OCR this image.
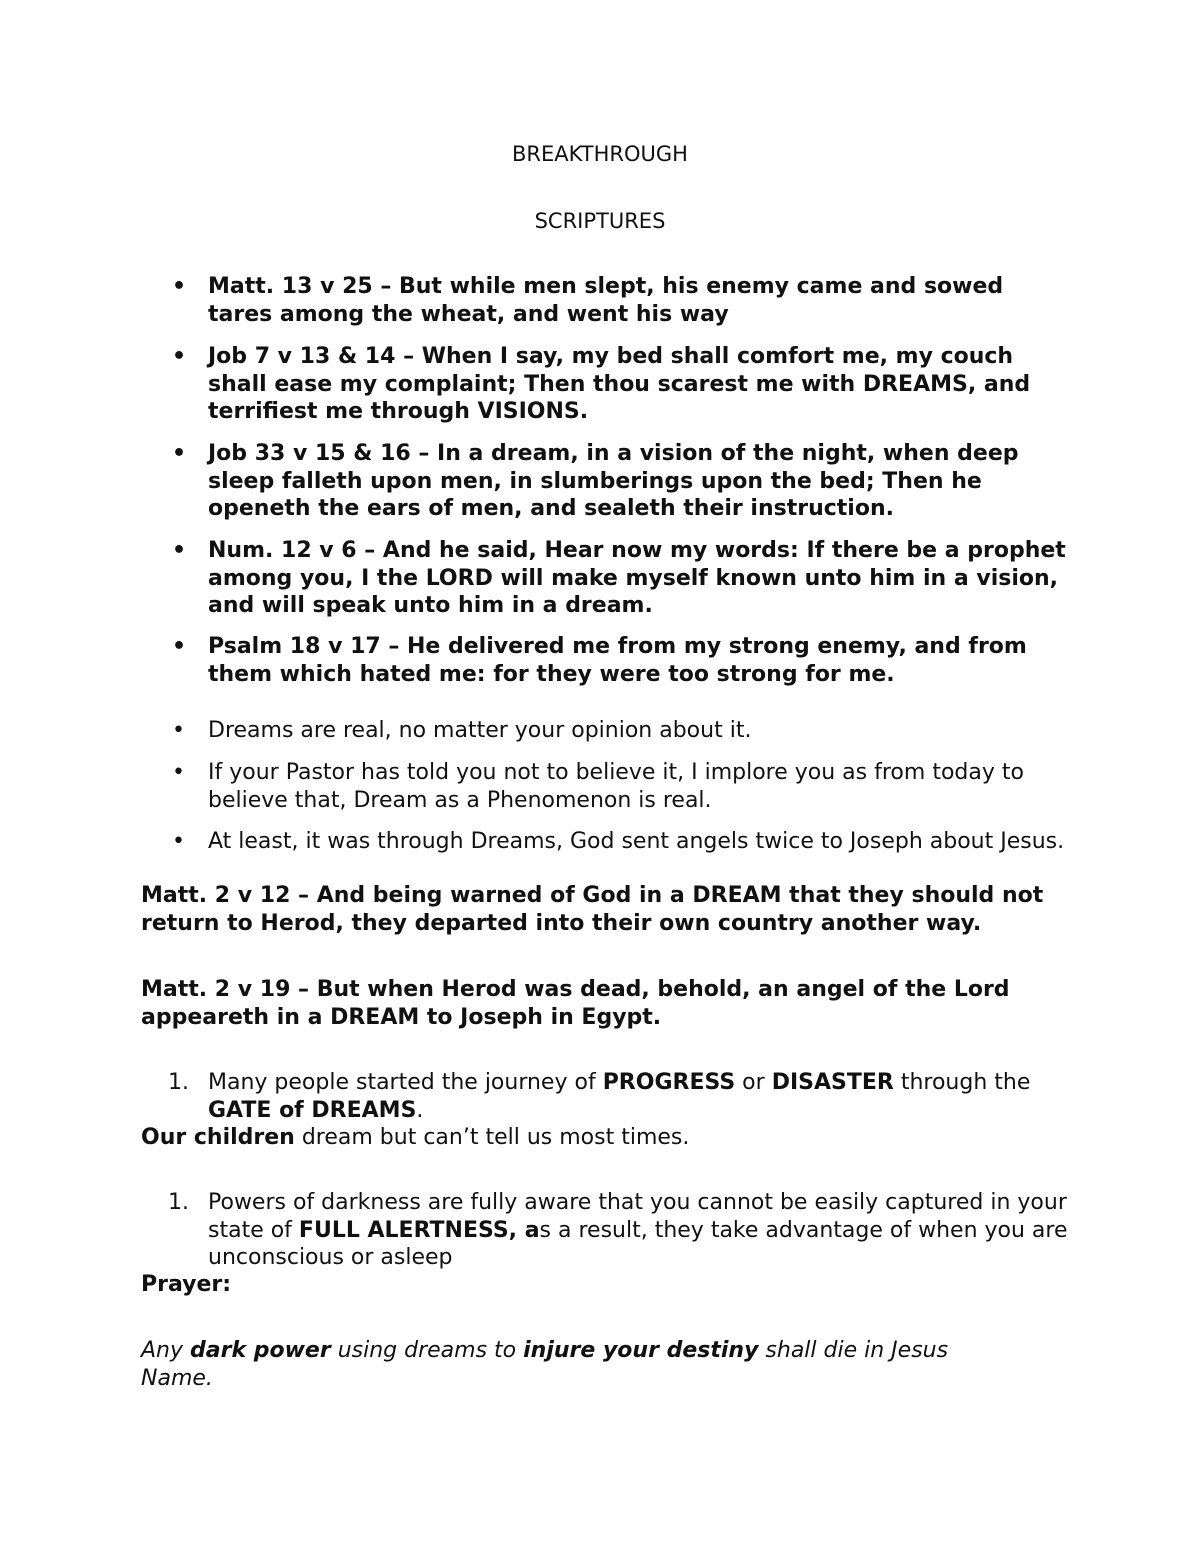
BREAKTHROUGH
SCRIPTURES
• Matt. 13 v 25 – But while men slept, his enemy came and sowed tares among the wheat, and went his way
• Job 7 v 13 & 14 – When I say, my bed shall comfort me, my couch shall ease my complaint; Then thou scarest me with DREAMS, and terrifiest me through VISIONS.
• Job 33 v 15 & 16 – In a dream, in a vision of the night, when deep sleep falleth upon men, in slumberings upon the bed; Then he openeth the ears of men, and sealeth their instruction.
• Num. 12 v 6 – And he said, Hear now my words: If there be a prophet among you, I the LORD will make myself known unto him in a vision, and will speak unto him in a dream.
• Psalm 18 v 17 – He delivered me from my strong enemy, and from them which hated me: for they were too strong for me.
• Dreams are real, no matter your opinion about it.
• If your Pastor has told you not to believe it, I implore you as from today to believe that, Dream as a Phenomenon is real.
• At least, it was through Dreams, God sent angels twice to Joseph about Jesus.
Matt. 2 v 12 – And being warned of God in a DREAM that they should not return to Herod, they departed into their own country another way.
Matt. 2 v 19 – But when Herod was dead, behold, an angel of the Lord appeareth in a DREAM to Joseph in Egypt.
1. Many people started the journey of PROGRESS or DISASTER through the GATE of DREAMS.
Our children dream but can’t tell us most times.
1. Powers of darkness are fully aware that you cannot be easily captured in your state of FULL ALERTNESS, as a result, they take advantage of when you are unconscious or asleep
Prayer:
Any dark power using dreams to injure your destiny shall die in Jesus Name.
